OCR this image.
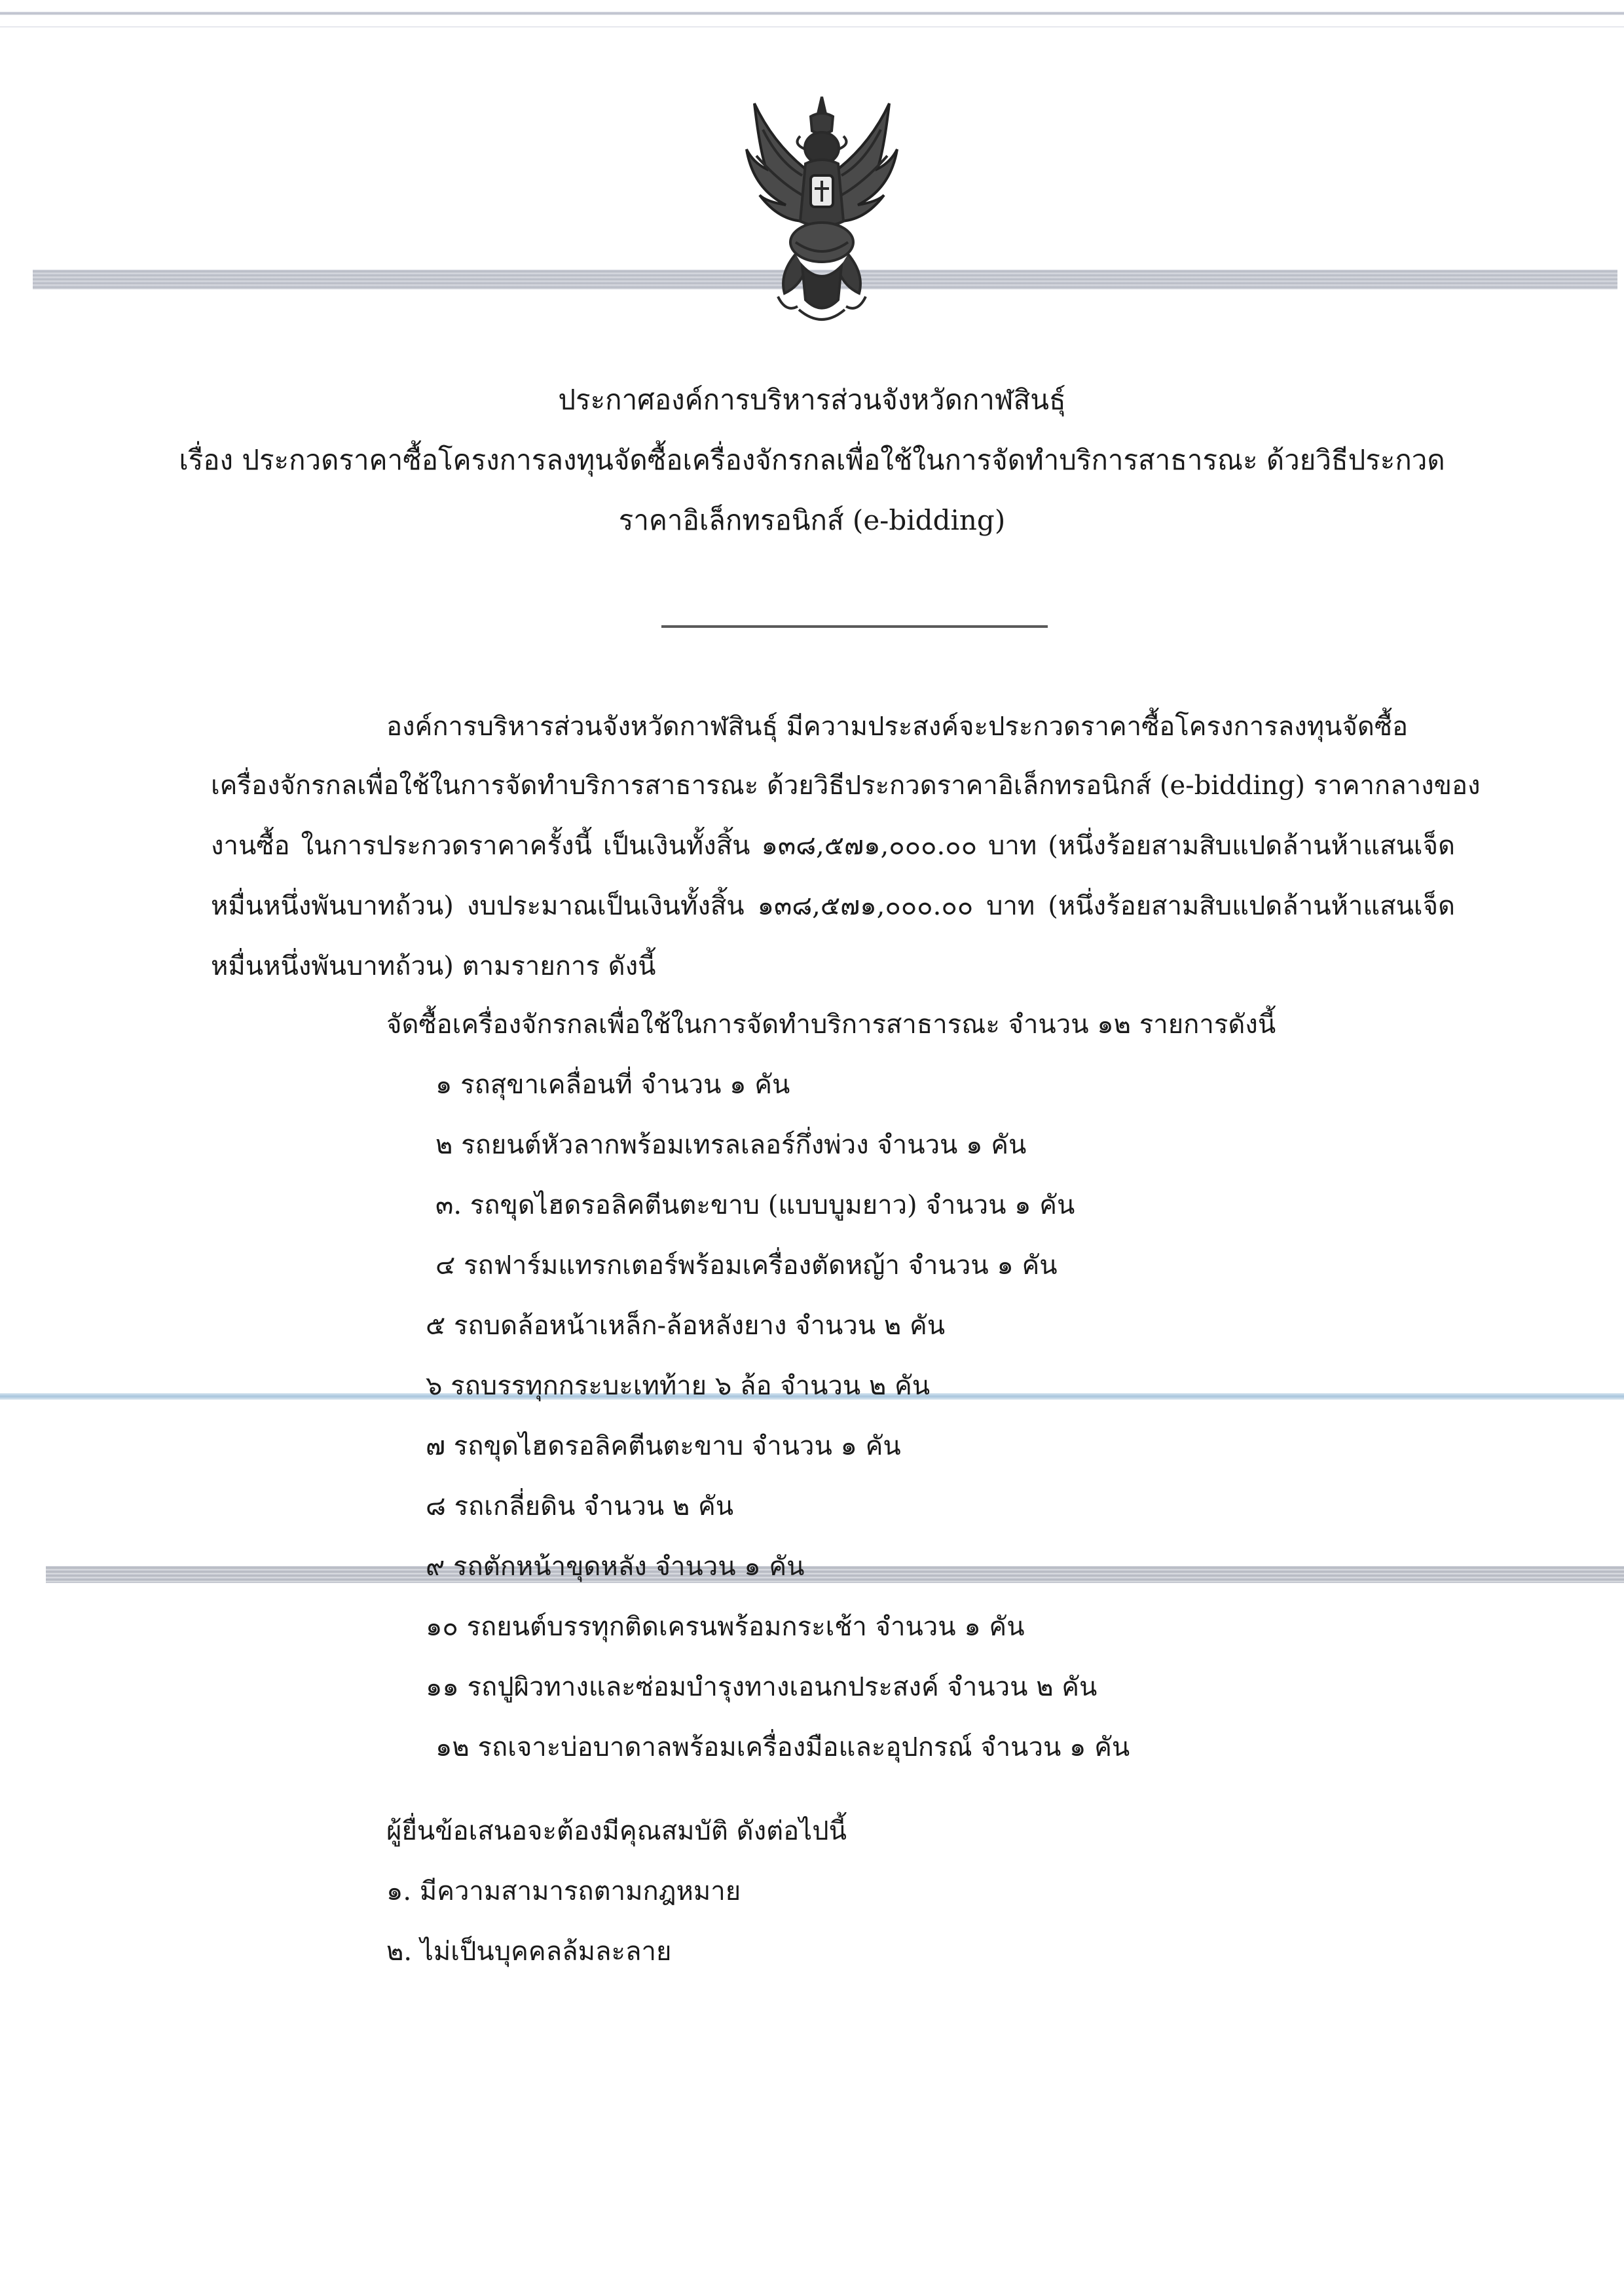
ประกาศองค์การบริหารส่วนจังหวัดกาฬสินธุ์
เรื่อง ประกวดราคาซื้อโครงการลงทุนจัดซื้อเครื่องจักรกลเพื่อใช้ในการจัดทำบริการสาธารณะ ด้วยวิธีประกวด
ราคาอิเล็กทรอนิกส์ (e-bidding)
องค์การบริหารส่วนจังหวัดกาฬสินธุ์ มีความประสงค์จะประกวดราคาซื้อโครงการลงทุนจัดซื้อ
เครื่องจักรกลเพื่อใช้ในการจัดทำบริการสาธารณะ ด้วยวิธีประกวดราคาอิเล็กทรอนิกส์ (e-bidding) ราคากลางของ
งานซื้อ ในการประกวดราคาครั้งนี้ เป็นเงินทั้งสิ้น ๑๓๘,๕๗๑,๐๐๐.๐๐ บาท (หนึ่งร้อยสามสิบแปดล้านห้าแสนเจ็ด
หมื่นหนึ่งพันบาทถ้วน) งบประมาณเป็นเงินทั้งสิ้น ๑๓๘,๕๗๑,๐๐๐.๐๐ บาท (หนึ่งร้อยสามสิบแปดล้านห้าแสนเจ็ด
หมื่นหนึ่งพันบาทถ้วน) ตามรายการ ดังนี้
จัดซื้อเครื่องจักรกลเพื่อใช้ในการจัดทำบริการสาธารณะ จำนวน ๑๒ รายการดังนี้
๑ รถสุขาเคลื่อนที่ จำนวน ๑ คัน
๒ รถยนต์หัวลากพร้อมเทรลเลอร์กึ่งพ่วง จำนวน ๑ คัน
๓. รถขุดไฮดรอลิคตีนตะขาบ (แบบบูมยาว) จำนวน ๑ คัน
๔ รถฟาร์มแทรกเตอร์พร้อมเครื่องตัดหญ้า จำนวน ๑ คัน
๕ รถบดล้อหน้าเหล็ก-ล้อหลังยาง จำนวน ๒ คัน
๖ รถบรรทุกกระบะเทท้าย ๖ ล้อ จำนวน ๒ คัน
๗ รถขุดไฮดรอลิคตีนตะขาบ จำนวน ๑ คัน
๘ รถเกลี่ยดิน จำนวน ๒ คัน
๙ รถตักหน้าขุดหลัง จำนวน ๑ คัน
๑๐ รถยนต์บรรทุกติดเครนพร้อมกระเช้า จำนวน ๑ คัน
๑๑ รถปูผิวทางและซ่อมบำรุงทางเอนกประสงค์ จำนวน ๒ คัน
๑๒ รถเจาะบ่อบาดาลพร้อมเครื่องมือและอุปกรณ์ จำนวน ๑ คัน
ผู้ยื่นข้อเสนอจะต้องมีคุณสมบัติ ดังต่อไปนี้
๑. มีความสามารถตามกฎหมาย
๒. ไม่เป็นบุคคลล้มละลาย
